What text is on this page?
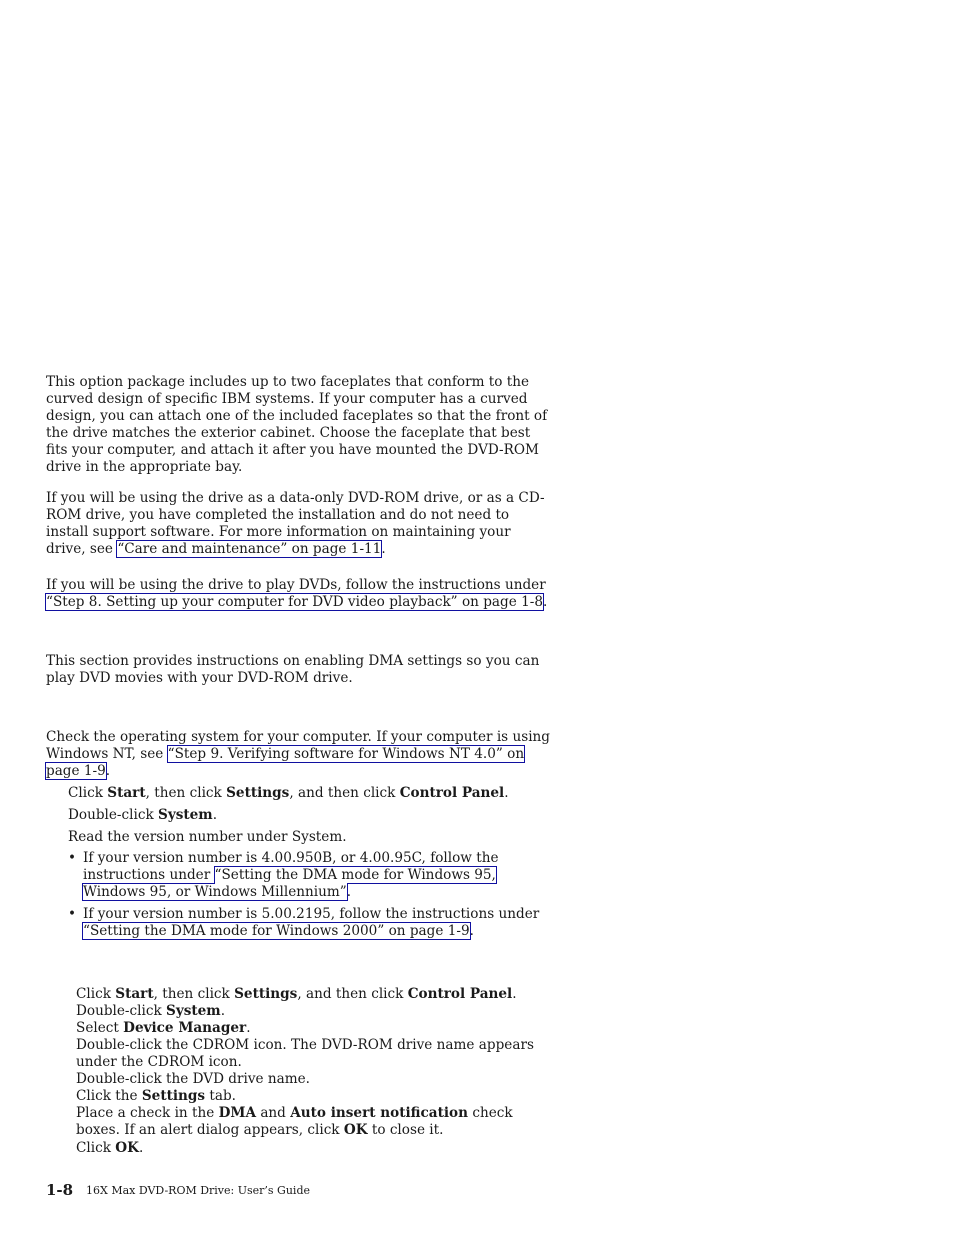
This option package includes up to two faceplates that conform to the curved design of specific IBM systems. If your computer has a curved design, you can attach one of the included faceplates so that the front of the drive matches the exterior cabinet. Choose the faceplate that best fits your computer, and attach it after you have mounted the DVD-ROM drive in the appropriate bay.

If you will be using the drive as a data-only DVD-ROM drive, or as a CD-ROM drive, you have completed the installation and do not need to install support software. For more information on maintaining your drive, see “Care and maintenance” on page 1-11.

If you will be using the drive to play DVDs, follow the instructions under “Step 8. Setting up your computer for DVD video playback” on page 1-8.

This section provides instructions on enabling DMA settings so you can play DVD movies with your DVD-ROM drive.

Check the operating system for your computer. If your computer is using Windows NT, see “Step 9. Verifying software for Windows NT 4.0” on page 1-9.

Click Start, then click Settings, and then click Control Panel.

Double-click System.

Read the version number under System.

• If your version number is 4.00.950B, or 4.00.95C, follow the instructions under “Setting the DMA mode for Windows 95, Windows 95, or Windows Millennium”.
• If your version number is 5.00.2195, follow the instructions under “Setting the DMA mode for Windows 2000” on page 1-9.

Click Start, then click Settings, and then click Control Panel.

Double-click System.

Select Device Manager.

Double-click the CDROM icon. The DVD-ROM drive name appears under the CDROM icon.

Double-click the DVD drive name.

Click the Settings tab.

Place a check in the DMA and Auto insert notification check boxes. If an alert dialog appears, click OK to close it.

Click OK.

1-8 16X Max DVD-ROM Drive: User’s Guide
